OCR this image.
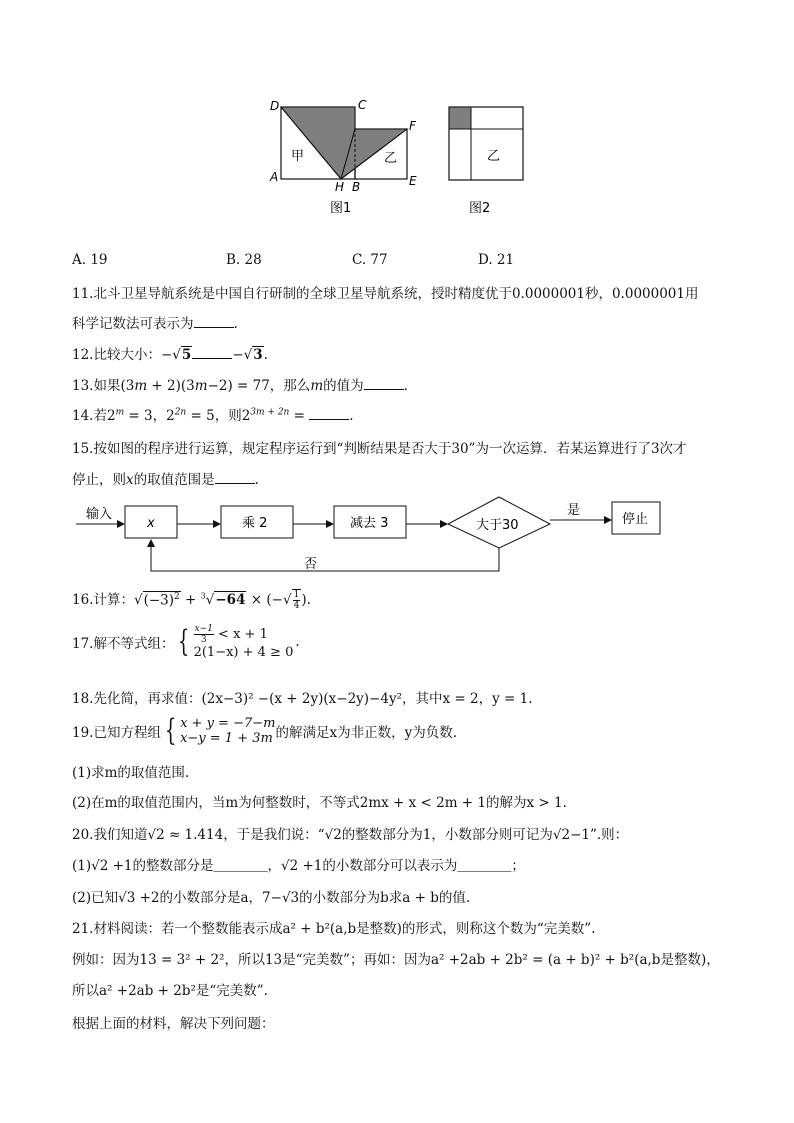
D	C
F
A
H B	E
甲	乙
图1
乙
图2
A. 19	B. 28	C. 77	D. 21
11.北斗卫星导航系统是中国自行研制的全球卫星导航系统，授时精度优于0.0000001秒，0.0000001用
科学记数法可表示为	.
12.比较大小：−√5	−√3.
13.如果(3m + 2)(3m−2) = 77，那么m的值为	.
14.若$2^m = 3$，$2^{2n} = 5$，则$2^{3m + 2n}$ =	.
15.按如图的程序进行运算，规定程序运行到“判断结果是否大于30”为一次运算．若某运算进行了3次才
停止，则x的取值范围是	.
输入
x	乘 2	减去 3	大于30
是
停止
否
16.计算：$√(-3)^2 + ^3√-64$ × (−√ $\frac{1}{4}$ ).
17.解不等式组： { $\frac{x-1}{3} < x + 1$
2(1−x) + 4 ≥ 0
.
18.先化简，再求值：(2x−3)² −(x + 2y)(x−2y)−4y²，其中x = 2，y = 1.
19.已知方程组 { x + y = −7−m
x−y = 1 + 3m 的解满足x为非正数，y为负数.
(1)求m的取值范围.
(2)在m的取值范围内，当m为何整数时，不等式2mx + x < 2m + 1的解为x > 1.
20.我们知道√2 ≈ 1.414，于是我们说：“√2的整数部分为1，小数部分则可记为√2−1”.则：
(1)√2 +1的整数部分是＿＿＿＿，√2 +1的小数部分可以表示为＿＿＿＿；
(2)已知√3 +2的小数部分是a，7−√3的小数部分为b求a + b的值.
21.材料阅读：若一个整数能表示成a² + b²(a,b是整数)的形式，则称这个数为“完美数”.
例如：因为13 = 3² + 2²，所以13是“完美数”；再如：因为a² +2ab + 2b² = (a + b)² + b²(a,b是整数)，
所以a² +2ab + 2b²是“完美数”.
根据上面的材料，解决下列问题：
